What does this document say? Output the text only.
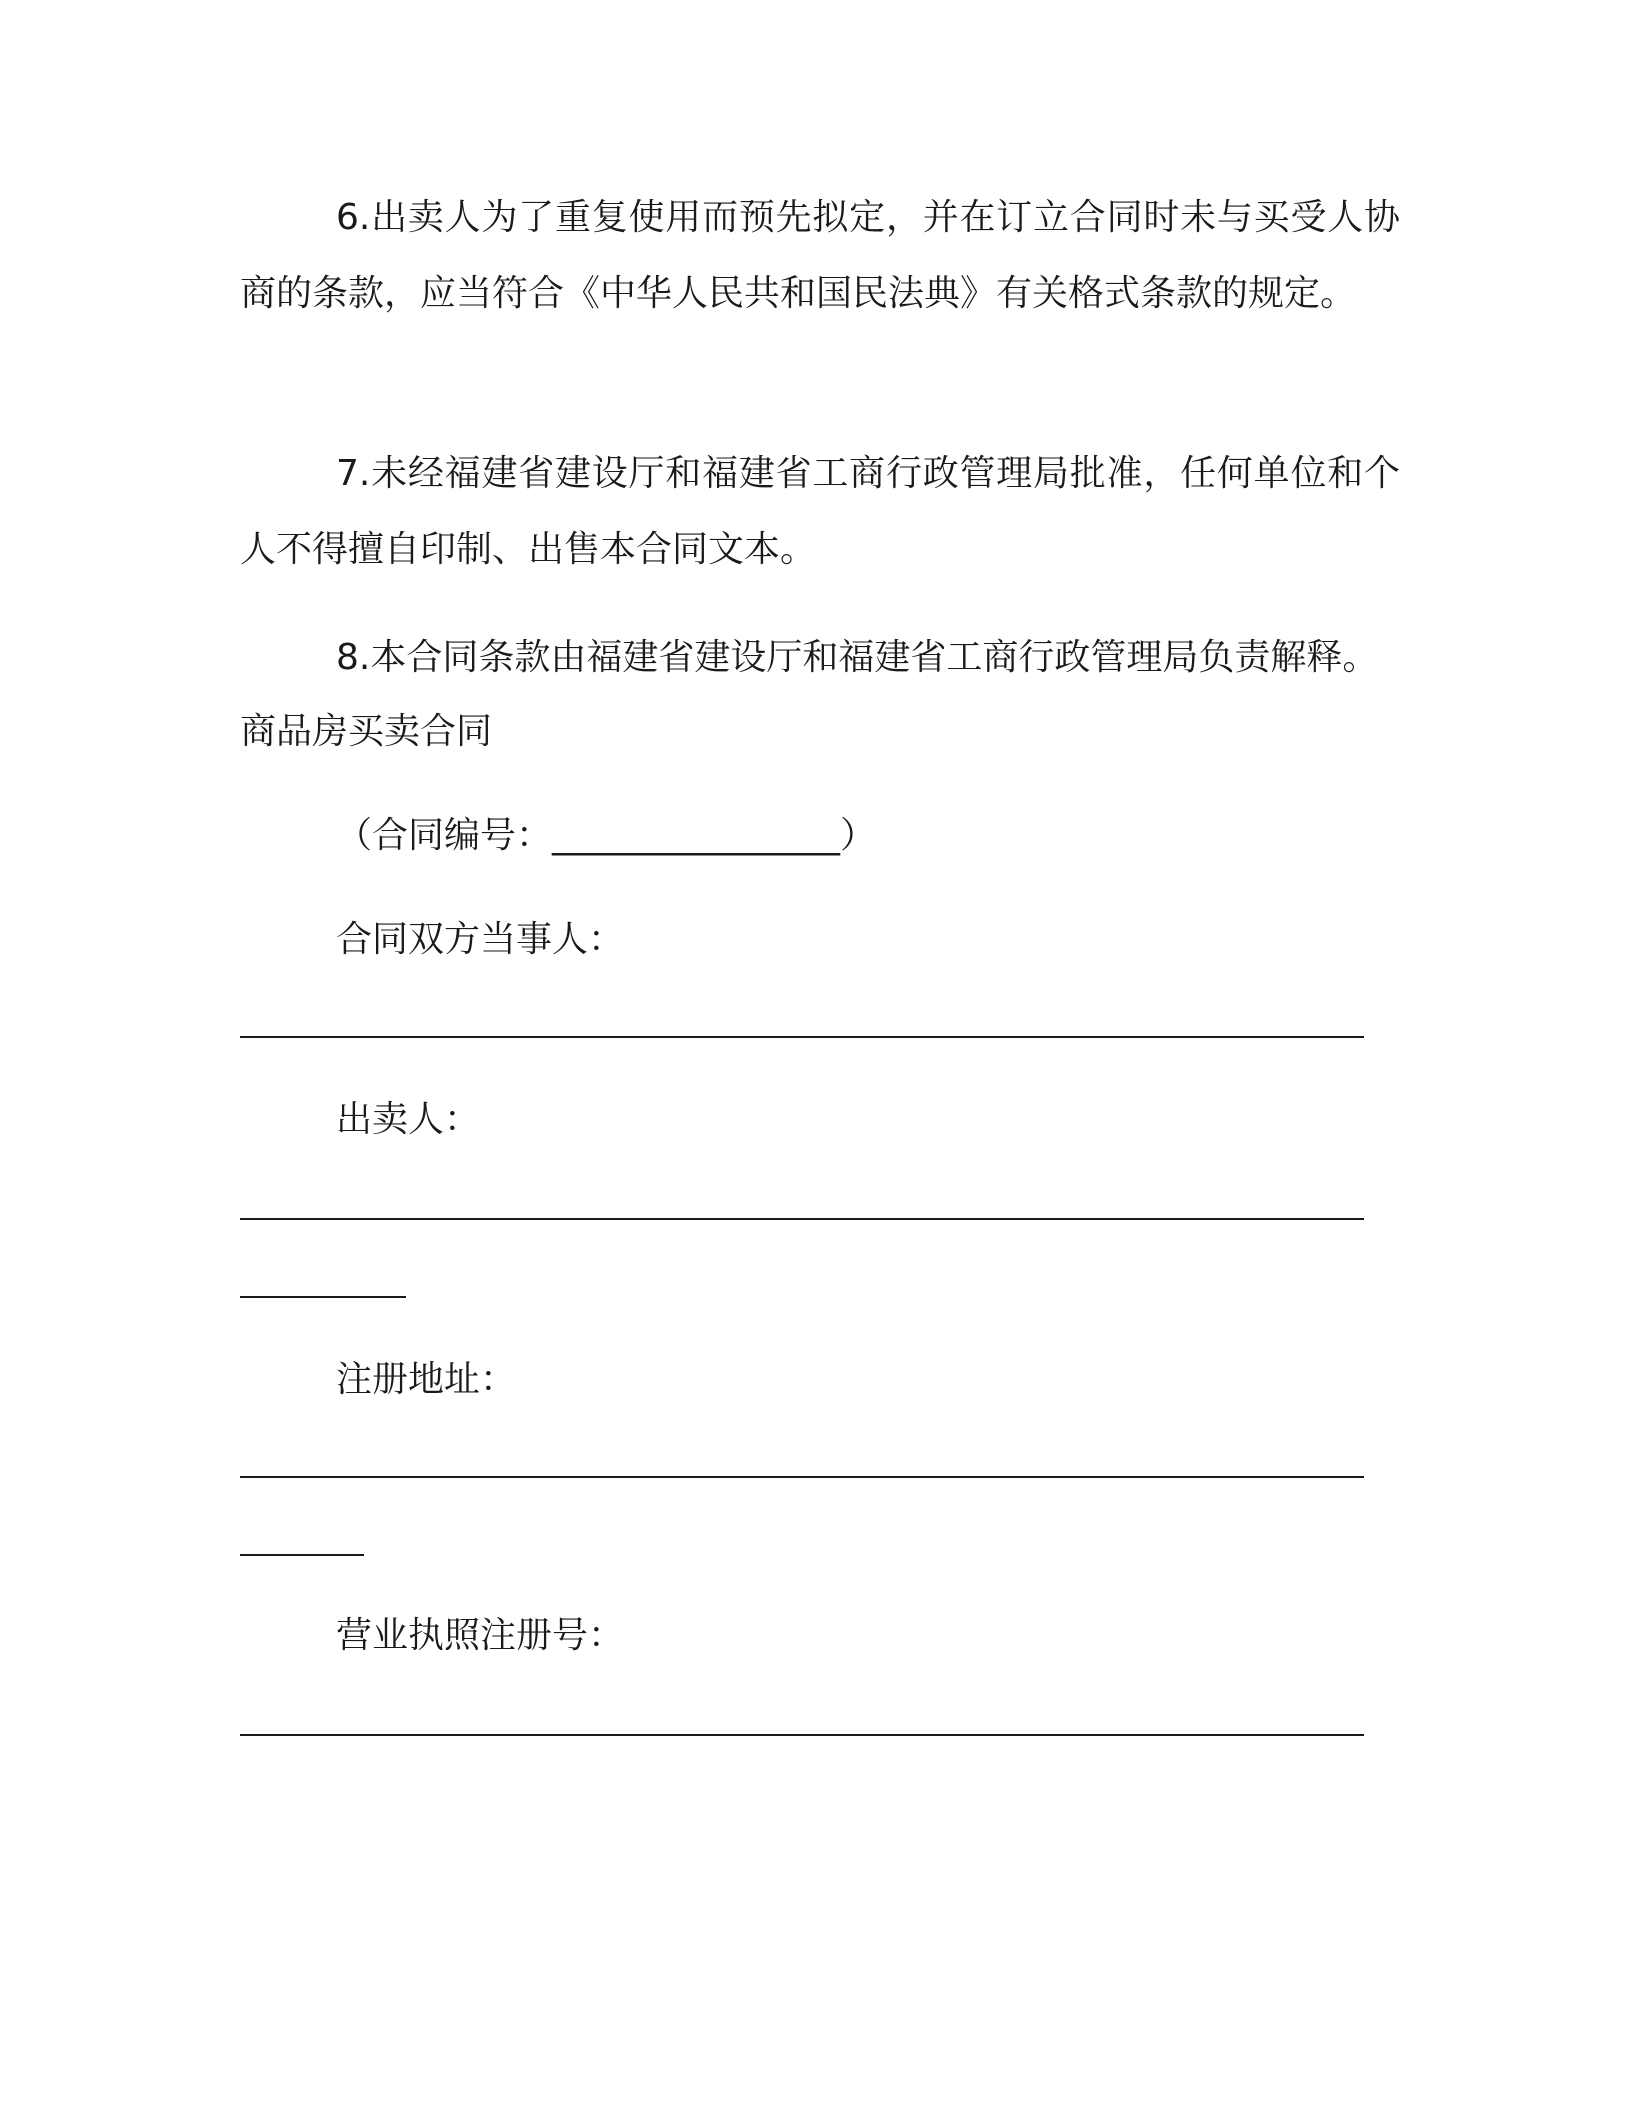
6.出卖人为了重复使用而预先拟定，并在订立合同时未与买受人协商的条款，应当符合《中华人民共和国民法典》有关格式条款的规定。
7.未经福建省建设厅和福建省工商行政管理局批准，任何单位和个人不得擅自印制、出售本合同文本。
8.本合同条款由福建省建设厅和福建省工商行政管理局负责解释。
商品房买卖合同
（合同编号：________________）
合同双方当事人：
出卖人：
注册地址：
营业执照注册号：
